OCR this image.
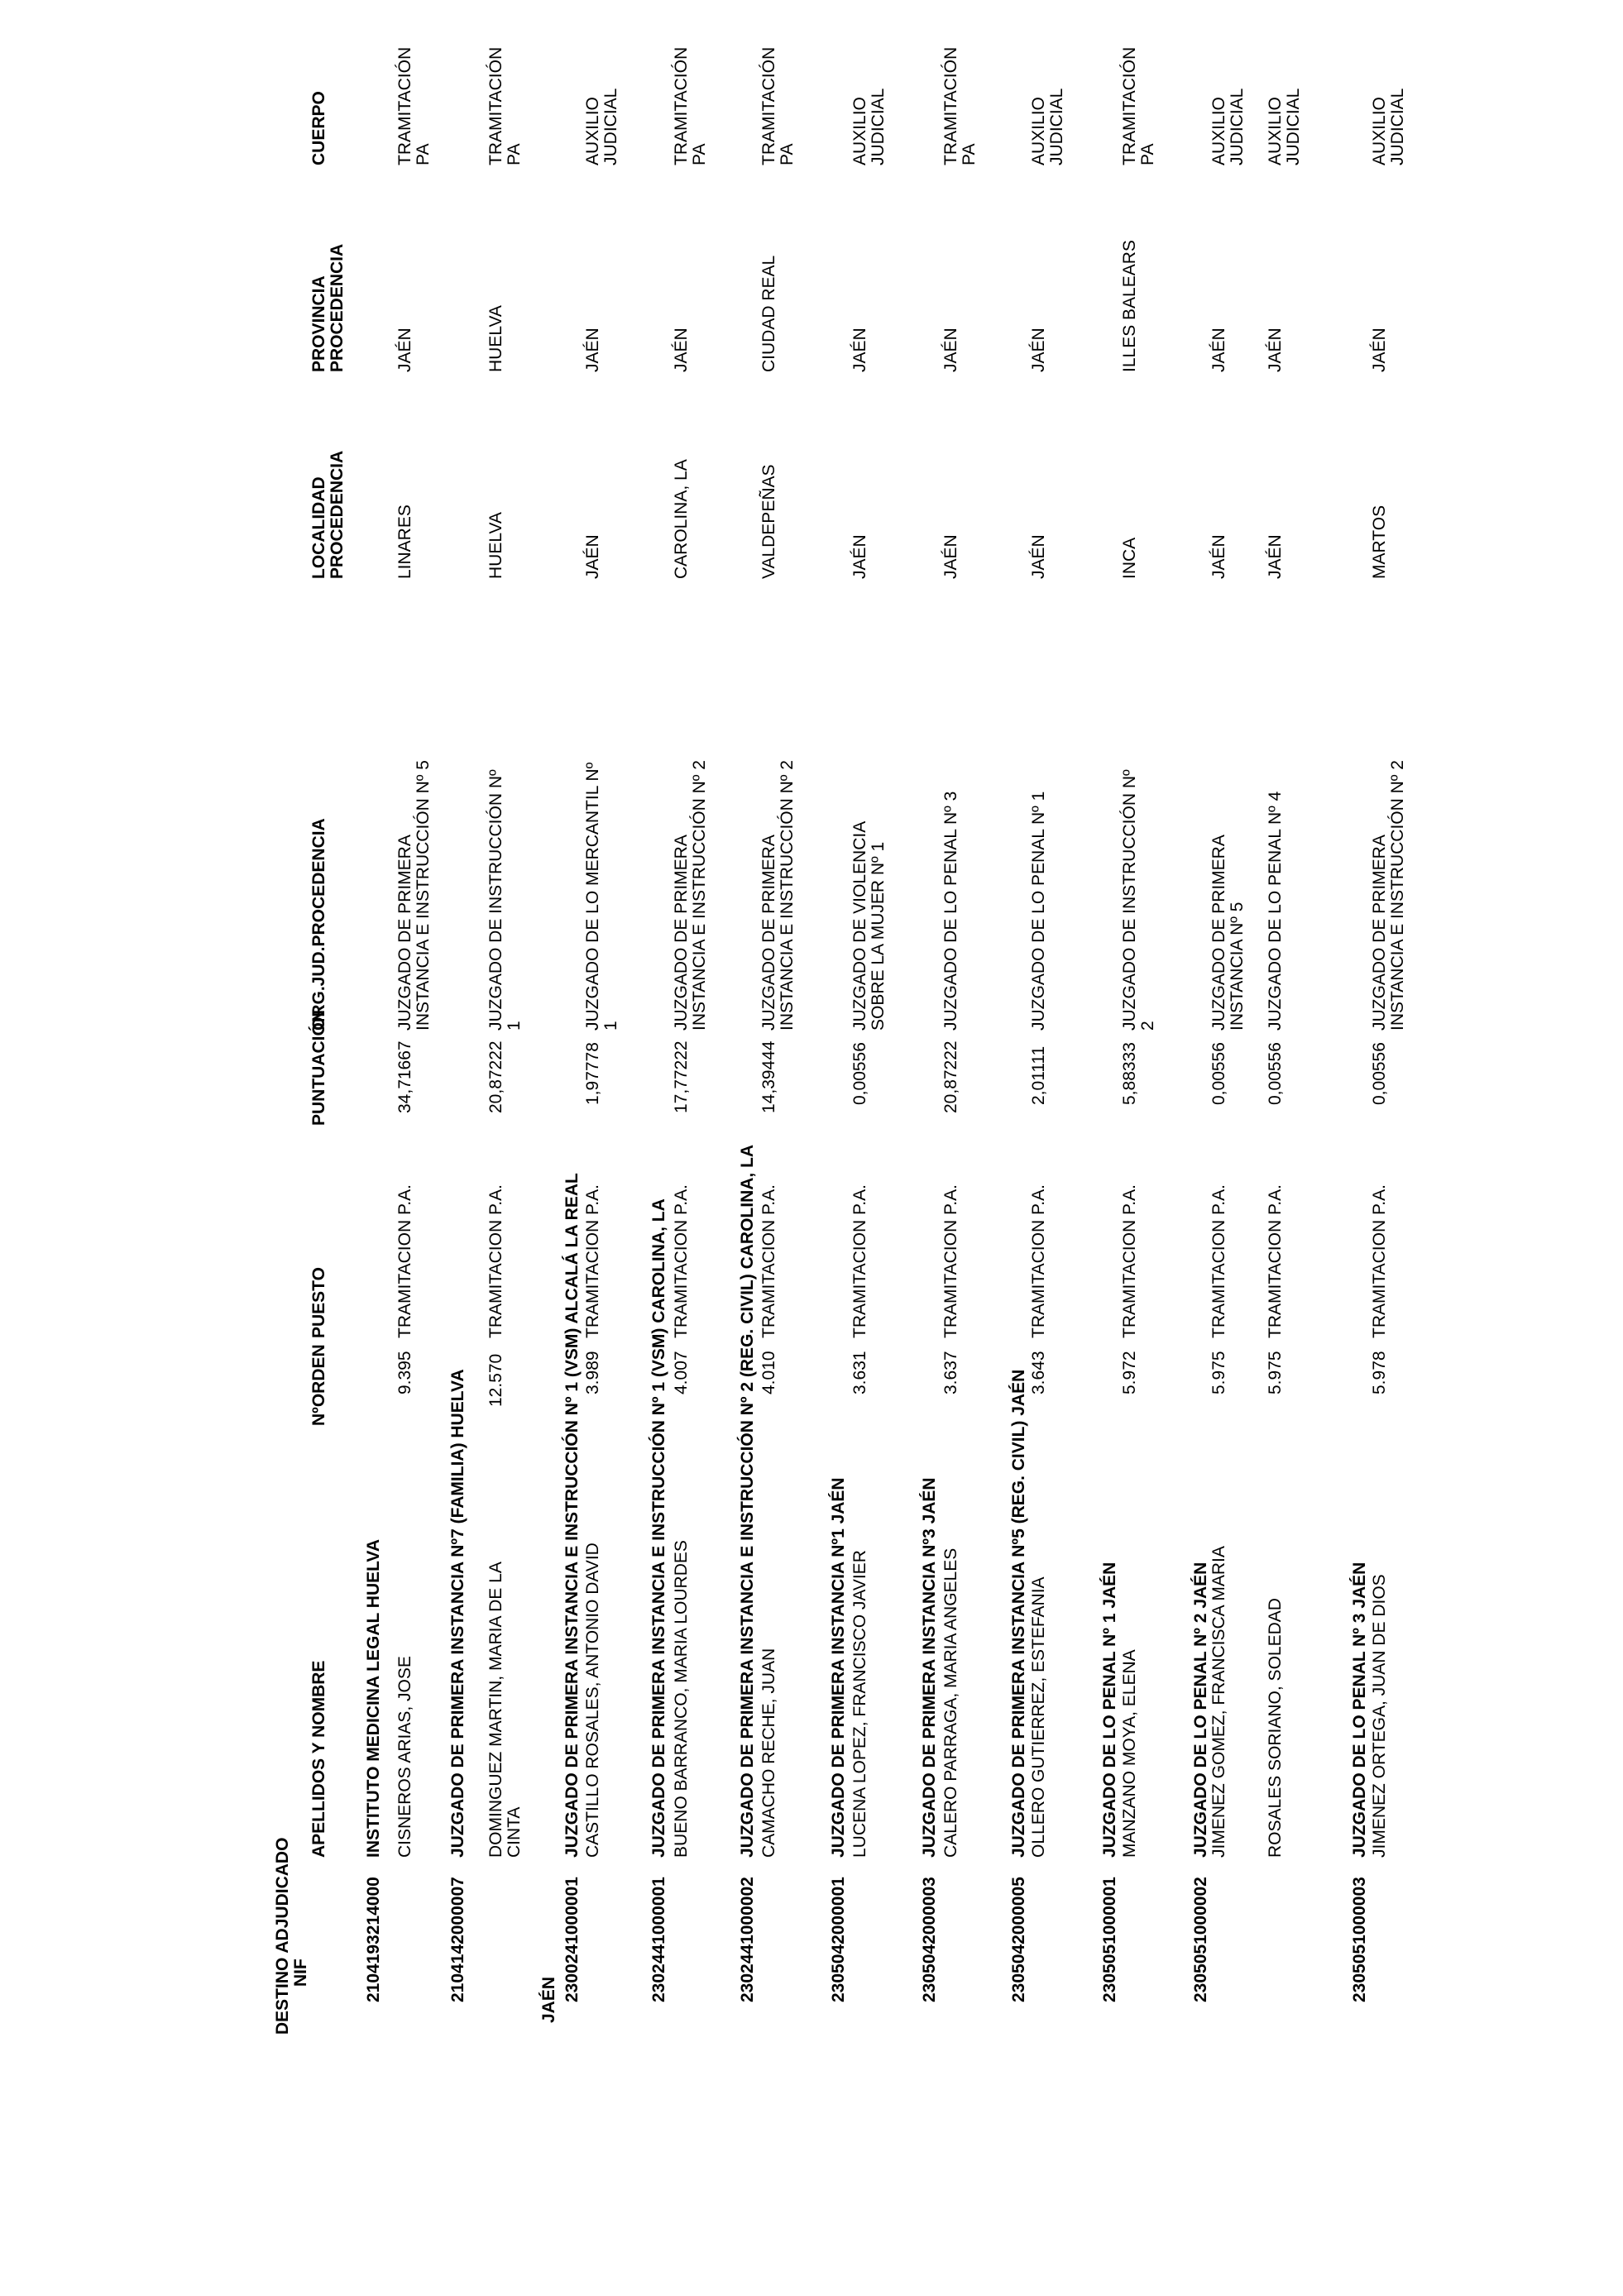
DESTINO ADJUDICADO NIF
APELLIDOS Y NOMBRE
NºORDEN
PUESTO
PUNTUACIÓN
ORG.JUD.PROCEDENCIA
LOCALIDAD PROCEDENCIA
PROVINCIA PROCEDENCIA
CUERPO
JAÉN
2104193214000
INSTITUTO MEDICINA LEGAL HUELVA CISNEROS ARIAS, JOSE
9.395
TRAMITACION P.A.
34,71667
JUZGADO DE PRIMERA INSTANCIA E INSTRUCCIÓN Nº 5
LINARES
JAÉN
TRAMITACIÓN PA
2104142000007
JUZGADO DE PRIMERA INSTANCIA Nº7 (FAMILIA) HUELVA DOMINGUEZ MARTIN, MARIA DE LA CINTA
12.570
TRAMITACION P.A.
20,87222
JUZGADO DE INSTRUCCIÓN Nº 1
HUELVA
HUELVA
TRAMITACIÓN PA
2300241000001
JUZGADO DE PRIMERA INSTANCIA E INSTRUCCIÓN Nº 1 (VSM) ALCALÁ LA REAL CASTILLO ROSALES, ANTONIO DAVID
3.989
TRAMITACION P.A.
1,97778
JUZGADO DE LO MERCANTIL Nº 1
JAÉN
JAÉN
AUXILIO JUDICIAL
2302441000001
JUZGADO DE PRIMERA INSTANCIA E INSTRUCCIÓN Nº 1 (VSM) CAROLINA, LA BUENO BARRANCO, MARIA LOURDES
4.007
TRAMITACION P.A.
17,77222
JUZGADO DE PRIMERA INSTANCIA E INSTRUCCIÓN Nº 2
CAROLINA, LA
JAÉN
TRAMITACIÓN PA
2302441000002
JUZGADO DE PRIMERA INSTANCIA E INSTRUCCIÓN Nº 2 (REG. CIVIL) CAROLINA, LA CAMACHO RECHE, JUAN
4.010
TRAMITACION P.A.
14,39444
JUZGADO DE PRIMERA INSTANCIA E INSTRUCCIÓN Nº 2
VALDEPEÑAS
CIUDAD REAL
TRAMITACIÓN PA
2305042000001
JUZGADO DE PRIMERA INSTANCIA Nº1 JAÉN LUCENA LOPEZ, FRANCISCO JAVIER
3.631
TRAMITACION P.A.
0,00556
JUZGADO DE VIOLENCIA SOBRE LA MUJER Nº 1
JAÉN
JAÉN
AUXILIO JUDICIAL
2305042000003
JUZGADO DE PRIMERA INSTANCIA Nº3 JAÉN CALERO PARRAGA, MARIA ANGELES
3.637
TRAMITACION P.A.
20,87222
JUZGADO DE LO PENAL Nº 3
JAÉN
JAÉN
TRAMITACIÓN PA
2305042000005
JUZGADO DE PRIMERA INSTANCIA Nº5 (REG. CIVIL) JAÉN OLLERO GUTIERREZ, ESTEFANIA
3.643
TRAMITACION P.A.
2,01111
JUZGADO DE LO PENAL Nº 1
JAÉN
JAÉN
AUXILIO JUDICIAL
2305051000001
JUZGADO DE LO PENAL Nº 1 JAÉN MANZANO MOYA, ELENA
5.972
TRAMITACION P.A.
5,88333
JUZGADO DE INSTRUCCIÓN Nº 2
INCA
ILLES BALEARS
TRAMITACIÓN PA
2305051000002
JUZGADO DE LO PENAL Nº 2 JAÉN JIMENEZ GOMEZ, FRANCISCA MARIA
5.975
TRAMITACION P.A.
0,00556
JUZGADO DE PRIMERA INSTANCIA Nº 5
JAÉN
JAÉN
AUXILIO JUDICIAL
ROSALES SORIANO, SOLEDAD
5.975
TRAMITACION P.A.
0,00556
JUZGADO DE LO PENAL Nº 4
JAÉN
JAÉN
AUXILIO JUDICIAL
2305051000003
JUZGADO DE LO PENAL Nº 3 JAÉN JIMENEZ ORTEGA, JUAN DE DIOS
5.978
TRAMITACION P.A.
0,00556
JUZGADO DE PRIMERA INSTANCIA E INSTRUCCIÓN Nº 2
MARTOS
JAÉN
AUXILIO JUDICIAL
